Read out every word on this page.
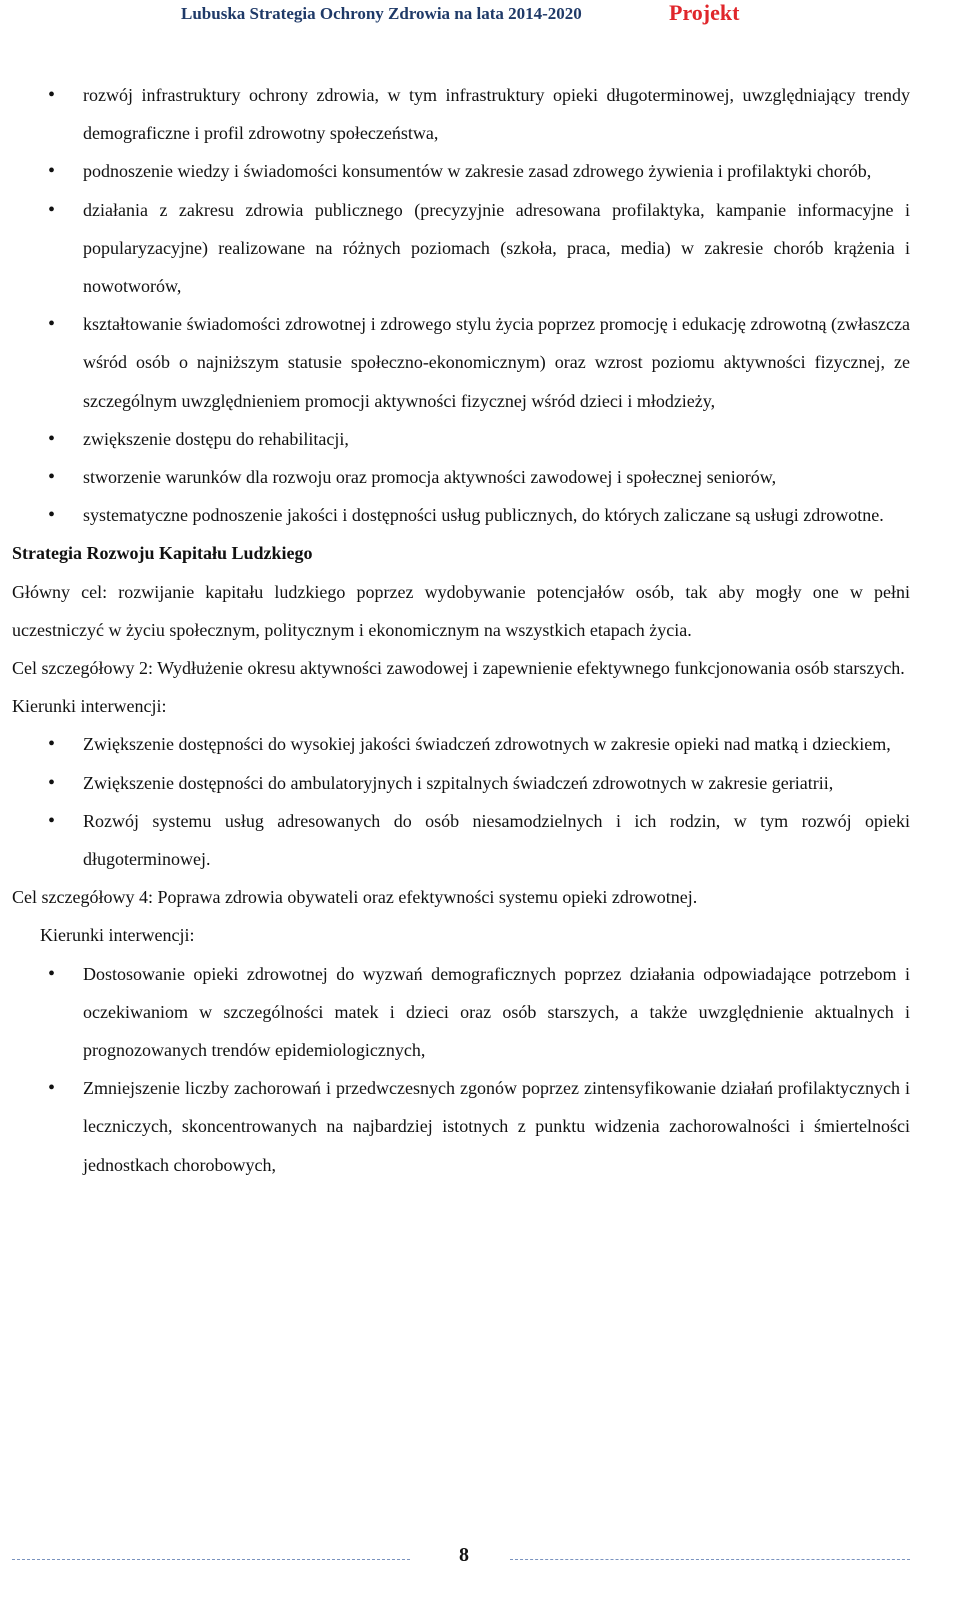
Lubuska Strategia Ochrony Zdrowia na lata 2014-2020	Projekt
• rozwój infrastruktury ochrony zdrowia, w tym infrastruktury opieki długoterminowej, uwzględniający trendy demograficzne i profil zdrowotny społeczeństwa,
• podnoszenie wiedzy i świadomości konsumentów w zakresie zasad zdrowego żywienia i profilaktyki chorób,
• działania z zakresu zdrowia publicznego (precyzyjnie adresowana profilaktyka, kampanie informacyjne i popularyzacyjne) realizowane na różnych poziomach (szkoła, praca, media) w zakresie chorób krążenia i nowotworów,
• kształtowanie świadomości zdrowotnej i zdrowego stylu życia poprzez promocję i edukację zdrowotną (zwłaszcza wśród osób o najniższym statusie społeczno-ekonomicznym) oraz wzrost poziomu aktywności fizycznej, ze szczególnym uwzględnieniem promocji aktywności fizycznej wśród dzieci i młodzieży,
• zwiększenie dostępu do rehabilitacji,
• stworzenie warunków dla rozwoju oraz promocja aktywności zawodowej i społecznej seniorów,
• systematyczne podnoszenie jakości i dostępności usług publicznych, do których zaliczane są usługi zdrowotne.

Strategia Rozwoju Kapitału Ludzkiego

Główny cel: rozwijanie kapitału ludzkiego poprzez wydobywanie potencjałów osób, tak aby mogły one w pełni uczestniczyć w życiu społecznym, politycznym i ekonomicznym na wszystkich etapach życia.

Cel szczegółowy 2: Wydłużenie okresu aktywności zawodowej i zapewnienie efektywnego funkcjonowania osób starszych.

Kierunki interwencji:

• Zwiększenie dostępności do wysokiej jakości świadczeń zdrowotnych w zakresie opieki nad matką i dzieckiem,
• Zwiększenie dostępności do ambulatoryjnych i szpitalnych świadczeń zdrowotnych w zakresie geriatrii,
• Rozwój systemu usług adresowanych do osób niesamodzielnych i ich rodzin, w tym rozwój opieki długoterminowej.

Cel szczegółowy 4: Poprawa zdrowia obywateli oraz efektywności systemu opieki zdrowotnej.

Kierunki interwencji:

• Dostosowanie opieki zdrowotnej do wyzwań demograficznych poprzez działania odpowiadające potrzebom i oczekiwaniom w szczególności matek i dzieci oraz osób starszych, a także uwzględnienie aktualnych i prognozowanych trendów epidemiologicznych,
• Zmniejszenie liczby zachorowań i przedwczesnych zgonów poprzez zintensyfikowanie działań profilaktycznych i leczniczych, skoncentrowanych na najbardziej istotnych z punktu widzenia zachorowalności i śmiertelności jednostkach chorobowych,
8
